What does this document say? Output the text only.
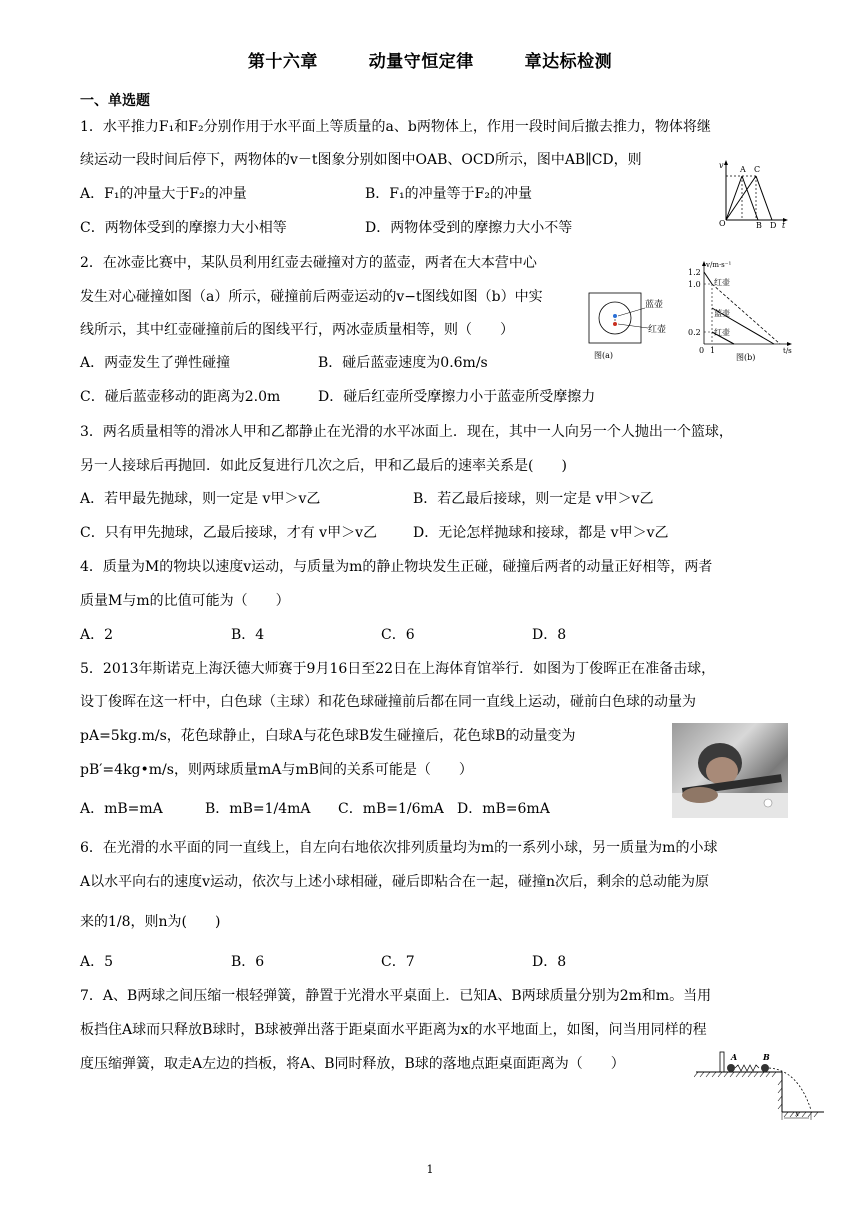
第十六章	动量守恒定律	章达标检测
一、单选题
1．水平推力F₁和F₂分别作用于水平面上等质量的a、b两物体上，作用一段时间后撤去推力，物体将继
续运动一段时间后停下，两物体的v－t图象分别如图中OAB、OCD所示，图中AB∥CD，则
A．F₁的冲量大于F₂的冲量	B．F₁的冲量等于F₂的冲量
C．两物体受到的摩擦力大小相等	D．两物体受到的摩擦力大小不等
v A C
O	B D t
2．在冰壶比赛中，某队员利用红壶去碰撞对方的蓝壶，两者在大本营中心
发生对心碰撞如图（a）所示，碰撞前后两壶运动的v−t图线如图（b）中实
线所示，其中红壶碰撞前后的图线平行，两冰壶质量相等，则（　　）
A．两壶发生了弹性碰撞	B．碰后蓝壶速度为0.6m/s
C．碰后蓝壶移动的距离为2.0m	D．碰后红壶所受摩擦力小于蓝壶所受摩擦力
蓝壶
红壶
图(a)
v/m·s⁻¹
1.2
1.0
0.2
红壶
蓝壶
红壶
0 1	t/s
图(b)
3．两名质量相等的滑冰人甲和乙都静止在光滑的水平冰面上．现在，其中一人向另一个人抛出一个篮球，
另一人接球后再抛回．如此反复进行几次之后，甲和乙最后的速率关系是(　　)
A．若甲最先抛球，则一定是 v甲＞v乙	B．若乙最后接球，则一定是 v甲＞v乙
C．只有甲先抛球，乙最后接球，才有 v甲＞v乙	D．无论怎样抛球和接球，都是 v甲＞v乙
4．质量为M的物块以速度v运动，与质量为m的静止物块发生正碰，碰撞后两者的动量正好相等，两者
质量M与m的比值可能为（　　）
A．2	B．4	C．6	D．8
5．2013年斯诺克上海沃德大师赛于9月16日至22日在上海体育馆举行．如图为丁俊晖正在准备击球，
设丁俊晖在这一杆中，白色球（主球）和花色球碰撞前后都在同一直线上运动，碰前白色球的动量为
pA=5kg.m/s，花色球静止，白球A与花色球B发生碰撞后，花色球B的动量变为
pB′=4kg•m/s，则两球质量mA与mB间的关系可能是（　　）
A．mB=mA	B．mB=1/4mA C．mB=1/6mA D．mB=6mA
6．在光滑的水平面的同一直线上，自左向右地依次排列质量均为m的一系列小球，另一质量为m的小球
A以水平向右的速度v运动，依次与上述小球相碰，碰后即粘合在一起，碰撞n次后，剩余的总动能为原
来的1/8，则n为(　　)
A．5	B．6	C．7	D．8
7．A、B两球之间压缩一根轻弹簧，静置于光滑水平桌面上．已知A、B两球质量分别为2m和m。当用
板挡住A球而只释放B球时，B球被弹出落于距桌面水平距离为x的水平地面上，如图，问当用同样的程
度压缩弹簧，取走A左边的挡板，将A、B同时释放，B球的落地点距桌面距离为（　　）	A	B
x
1
